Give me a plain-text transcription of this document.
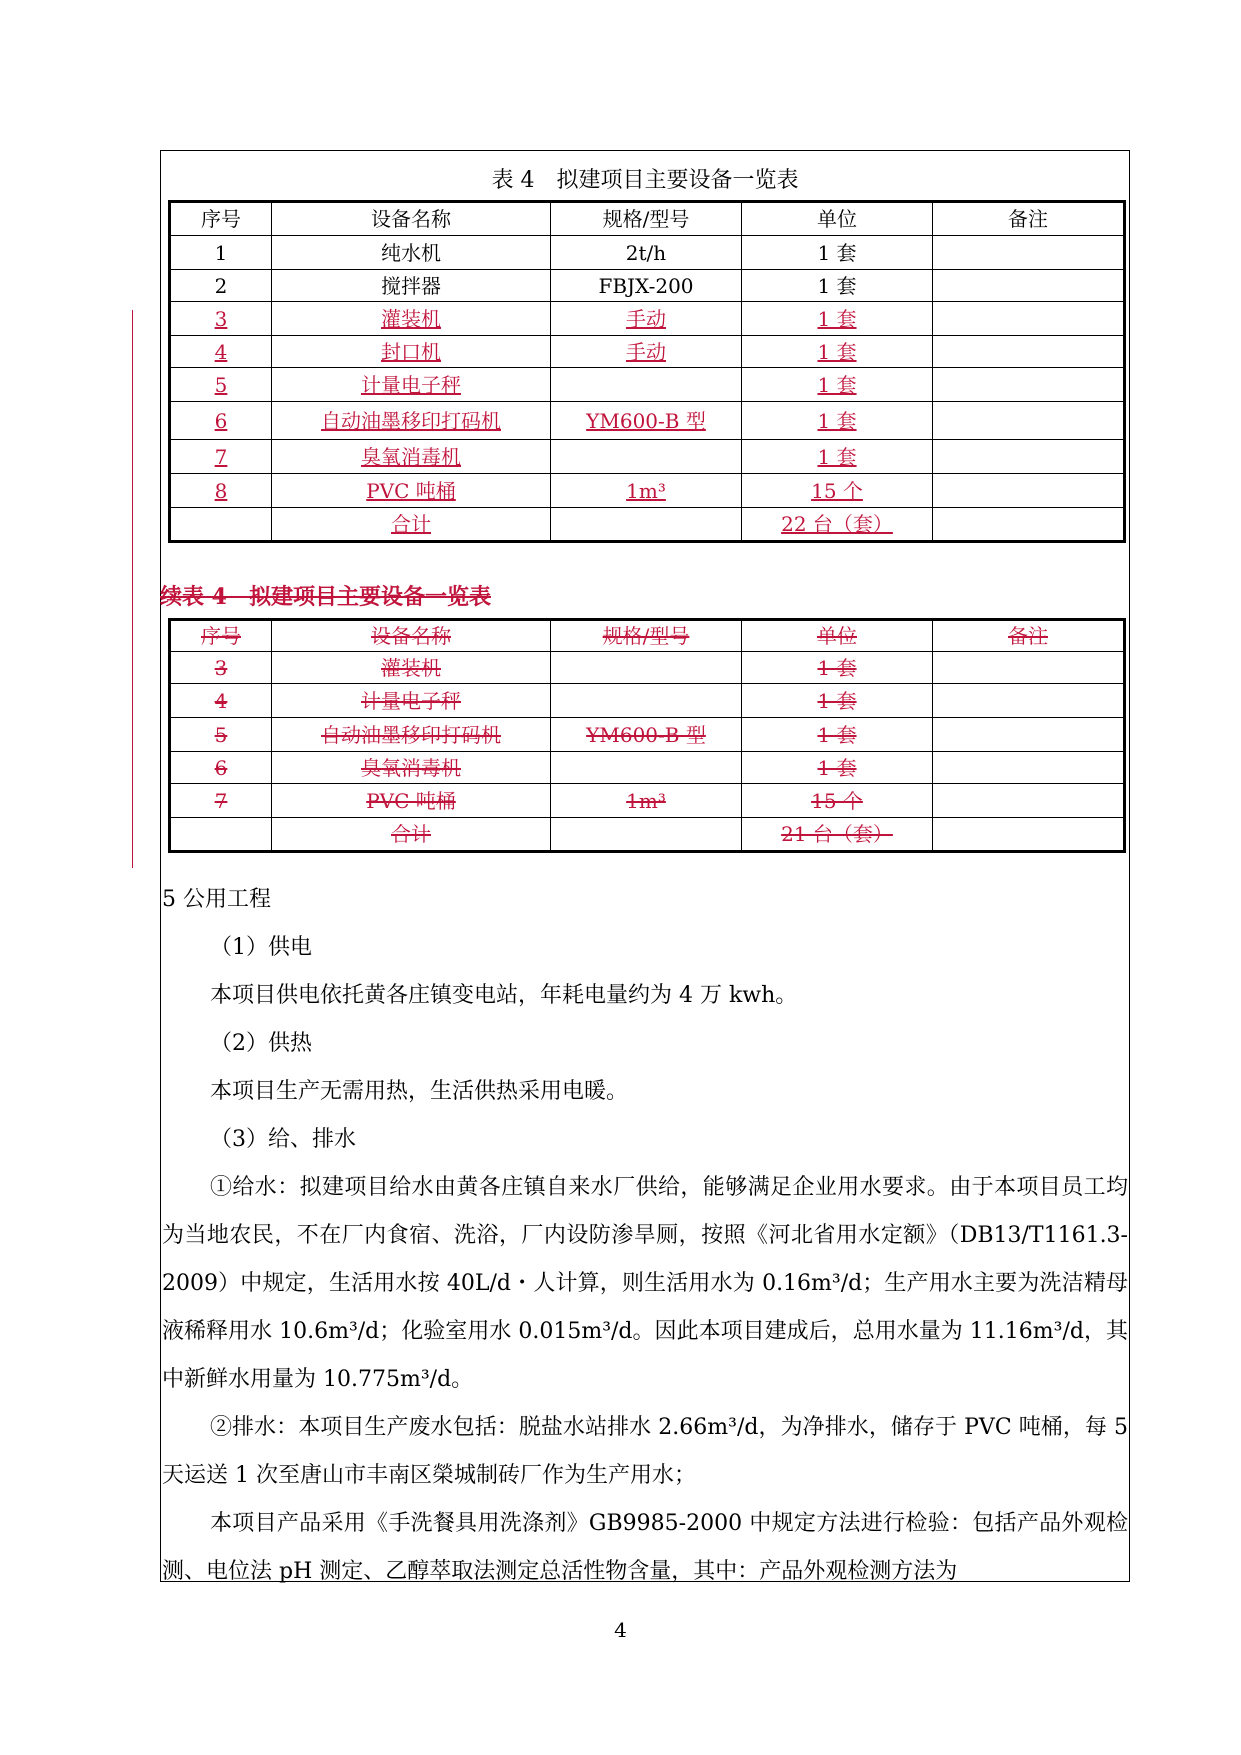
表 4　拟建项目主要设备一览表
序号	设备名称	规格/型号	单位	备注
1	纯水机	2t/h	1 套	
2	搅拌器	FBJX-200	1 套	
3	灌装机	手动	1 套	
4	封口机	手动	1 套	
5	计量电子秤		1 套	
6	自动油墨移印打码机	YM600-B 型	1 套	
7	臭氧消毒机		1 套	
8	PVC 吨桶	1m³	15 个	
	合计		22 台（套）	
续表 4　拟建项目主要设备一览表
序号	设备名称	规格/型号	单位	备注
3	灌装机		1 套	
4	计量电子秤		1 套	
5	自动油墨移印打码机	YM600-B 型	1 套	
6	臭氧消毒机		1 套	
7	PVC 吨桶	1m³	15 个	
	合计		21 台（套）	

5 公用工程

（1）供电

本项目供电依托黄各庄镇变电站，年耗电量约为 4 万 kwh。

（2）供热

本项目生产无需用热，生活供热采用电暖。

（3）给、排水

①给水：拟建项目给水由黄各庄镇自来水厂供给，能够满足企业用水要求。由于本项目员工均为当地农民，不在厂内食宿、洗浴，厂内设防渗旱厕，按照《河北省用水定额》（DB13/T1161.3-2009）中规定，生活用水按 40L/d・人计算，则生活用水为 0.16m³/d；生产用水主要为洗洁精母液稀释用水 10.6m³/d；化验室用水 0.015m³/d。因此本项目建成后，总用水量为 11.16m³/d，其中新鲜水用量为 10.775m³/d。

②排水：本项目生产废水包括：脱盐水站排水 2.66m³/d，为净排水，储存于 PVC 吨桶，每 5 天运送 1 次至唐山市丰南区榮城制砖厂作为生产用水；

本项目产品采用《手洗餐具用洗涤剂》GB9985-2000 中规定方法进行检验：包括产品外观检测、电位法 pH 测定、乙醇萃取法测定总活性物含量，其中：产品外观检测方法为

4
